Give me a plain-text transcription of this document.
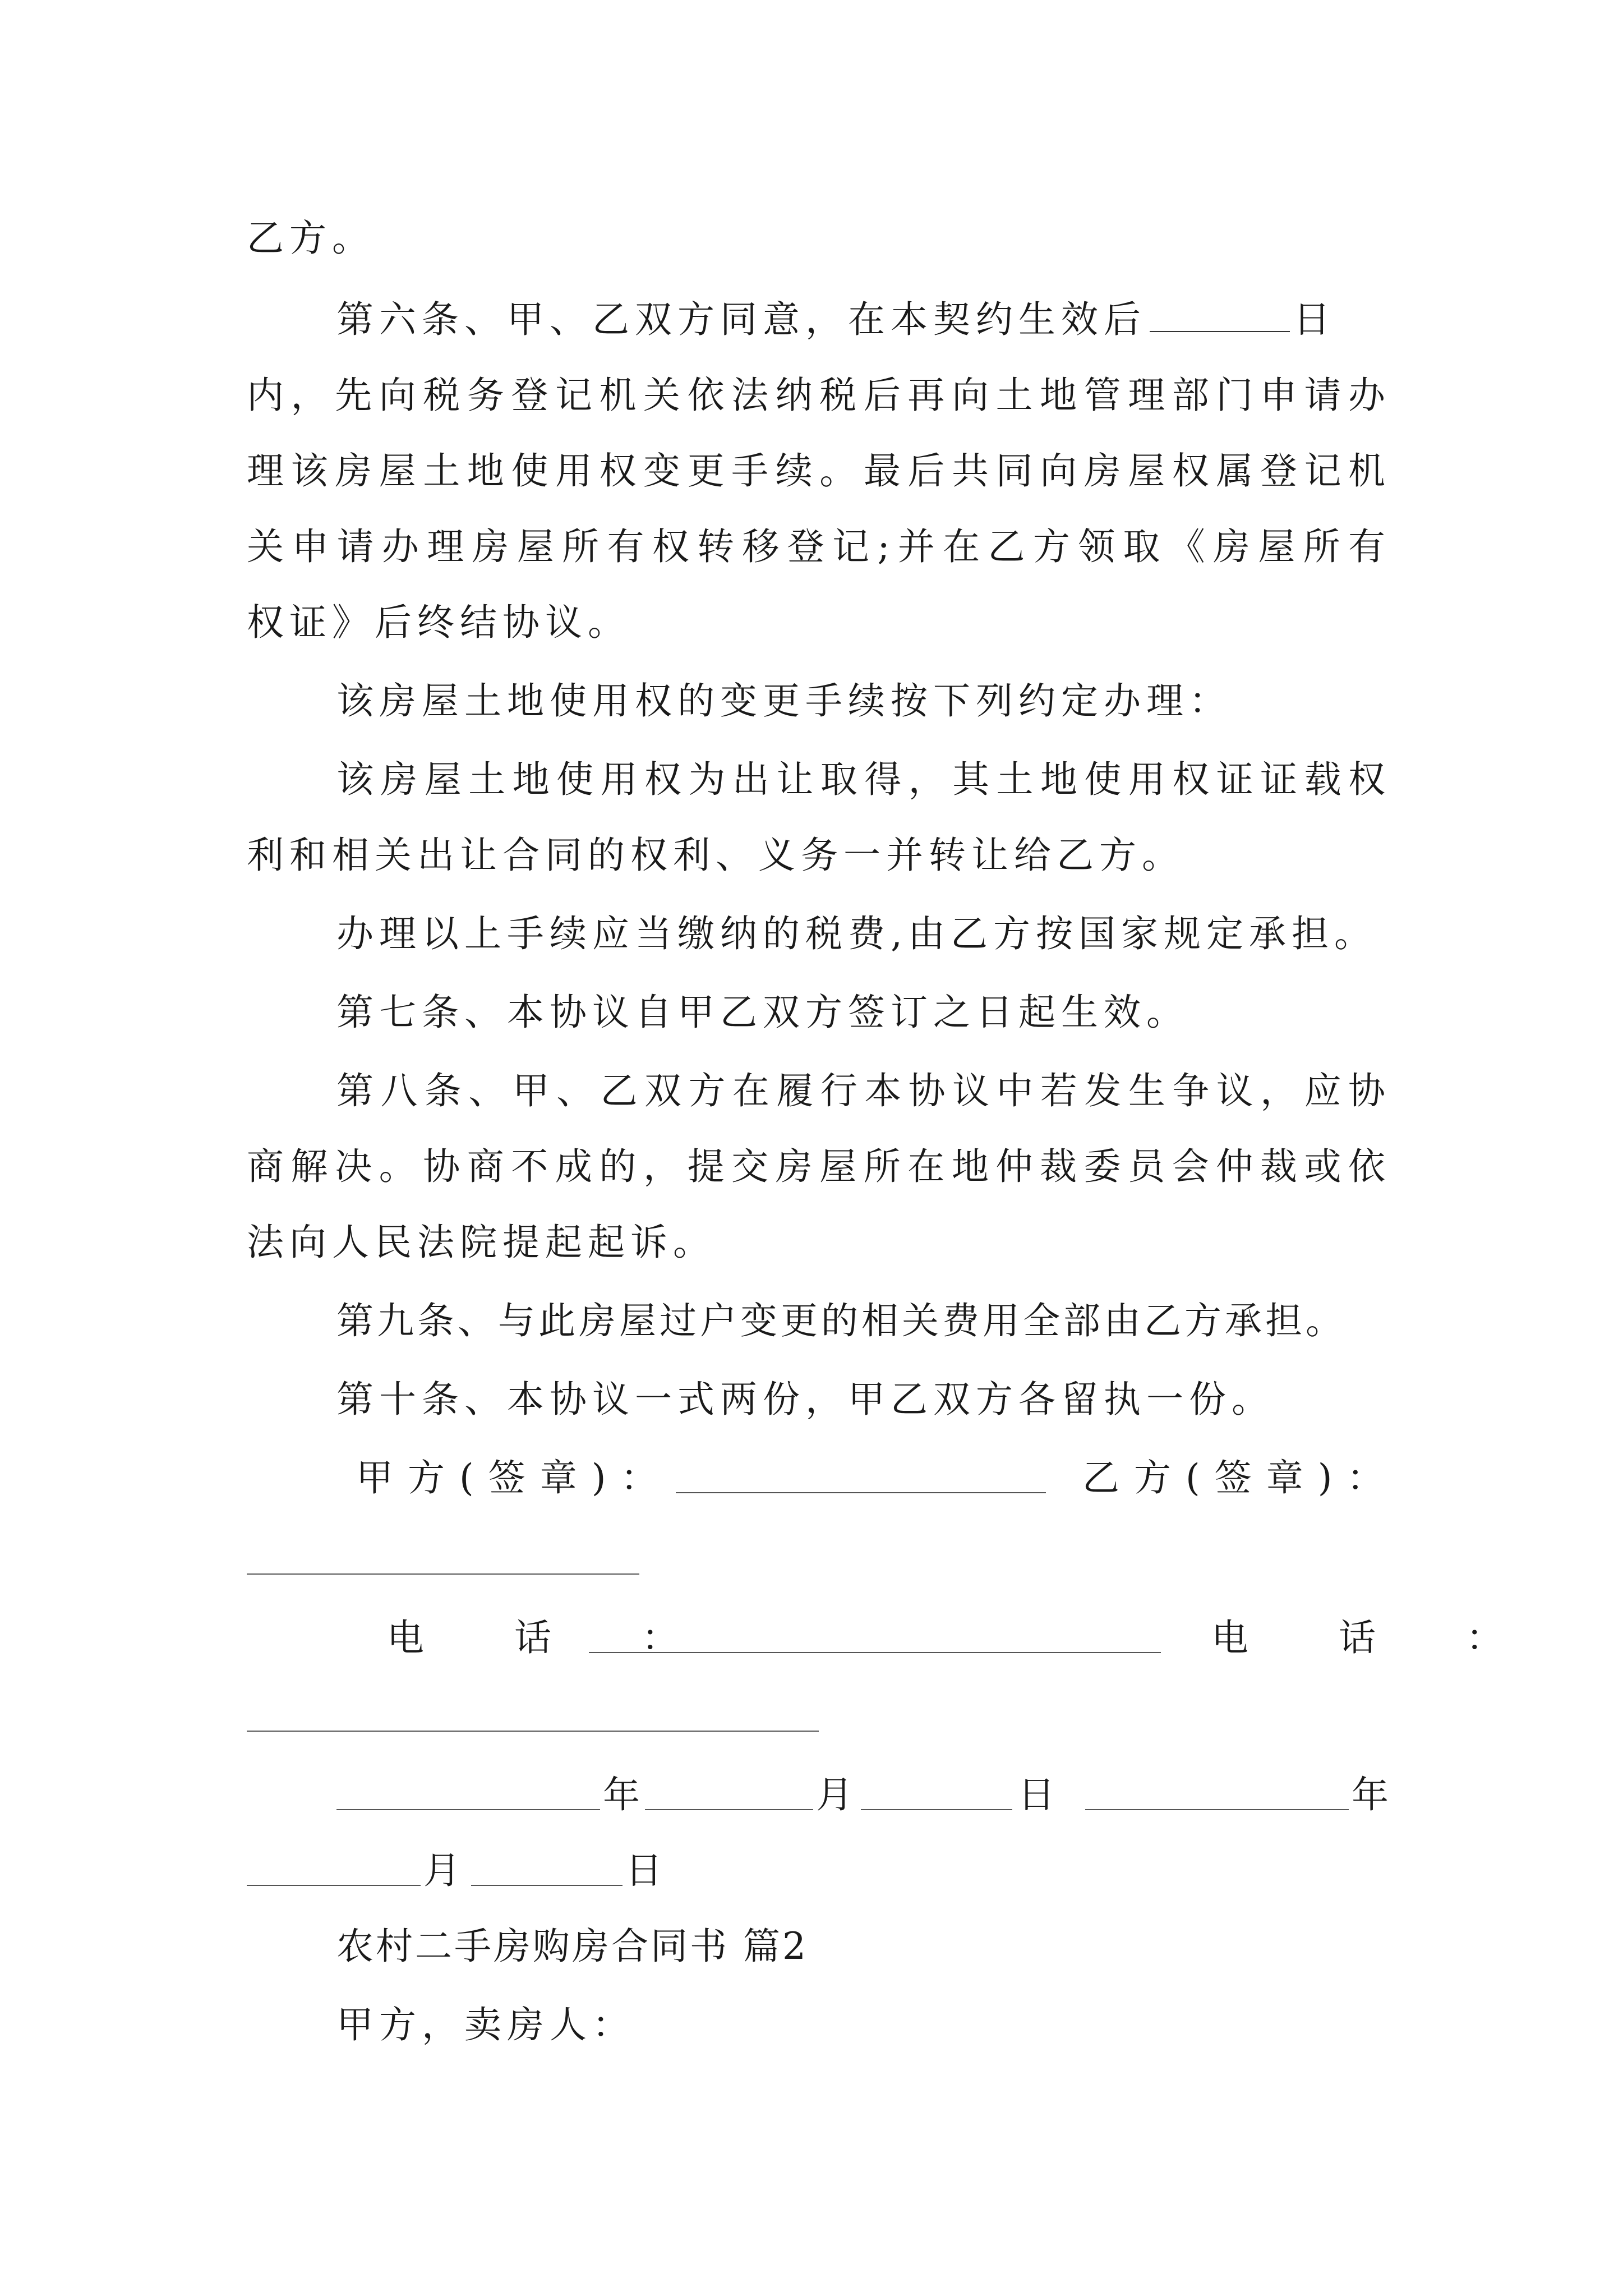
乙方。
第六条、甲、乙双方同意，在本契约生效后	日
内，先向税务登记机关依法纳税后再向土地管理部门申请办
理该房屋土地使用权变更手续。最后共同向房屋权属登记机
关申请办理房屋所有权转移登记;并在乙方领取《房屋所有
权证》后终结协议。
该房屋土地使用权的变更手续按下列约定办理：
该房屋土地使用权为出让取得，其土地使用权证证载权
利和相关出让合同的权利、义务一并转让给乙方。
办理以上手续应当缴纳的税费,由乙方按国家规定承担。
第七条、本协议自甲乙双方签订之日起生效。
第八条、甲、乙双方在履行本协议中若发生争议，应协
商解决。协商不成的，提交房屋所在地仲裁委员会仲裁或依
法向人民法院提起起诉。
第九条、与此房屋过户变更的相关费用全部由乙方承担。
第十条、本协议一式两份，甲乙双方各留执一份。
甲方(签章)：	乙方(签章)：
电 话 ：	电 话 ：
年	月	日	年
月	日
农村二手房购房合同书 篇2
甲方，卖房人：
